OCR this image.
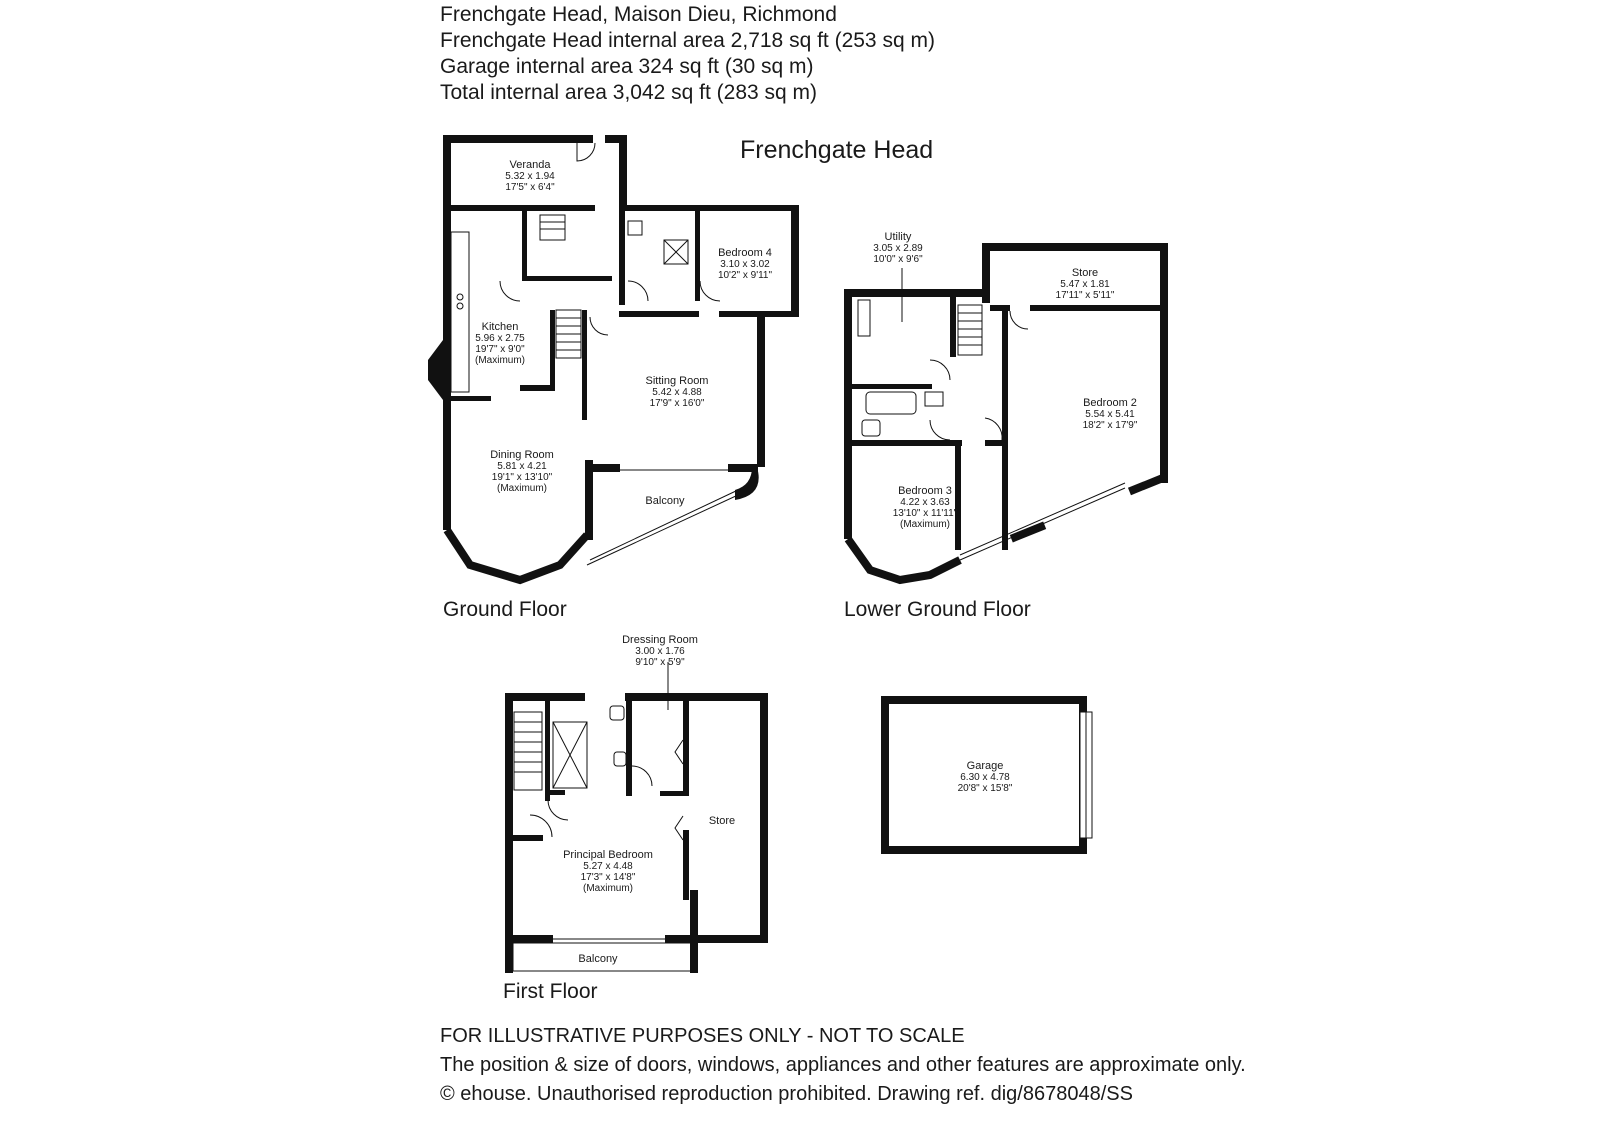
Frenchgate Head, Maison Dieu, Richmond
Frenchgate Head internal area 2,718 sq ft (253 sq m)
Garage internal area 324 sq ft (30 sq m)
Total internal area 3,042 sq ft (283 sq m)
Frenchgate Head
Veranda
5.32 x 1.94
17'5" x 6'4"
Bedroom 4
3.10 x 3.02
10'2" x 9'11"
Kitchen
5.96 x 2.75
19'7" x 9'0"
(Maximum)
Sitting Room
5.42 x 4.88
17'9" x 16'0"
Dining Room
5.81 x 4.21
19'1" x 13'10"
(Maximum)
Balcony
Ground Floor
Utility
3.05 x 2.89
10'0" x 9'6"
Store
5.47 x 1.81
17'11" x 5'11"
Bedroom 2
5.54 x 5.41
18'2" x 17'9"
Bedroom 3
4.22 x 3.63
13'10" x 11'11"
(Maximum)
Lower Ground Floor
Dressing Room
3.00 x 1.76
9'10" x 5'9"
Store
Principal Bedroom
5.27 x 4.48
17'3" x 14'8"
(Maximum)
Balcony
First Floor
Garage
6.30 x 4.78
20'8" x 15'8"
FOR ILLUSTRATIVE PURPOSES ONLY - NOT TO SCALE
The position & size of doors, windows, appliances and other features are approximate only.
© ehouse. Unauthorised reproduction prohibited. Drawing ref. dig/8678048/SS
